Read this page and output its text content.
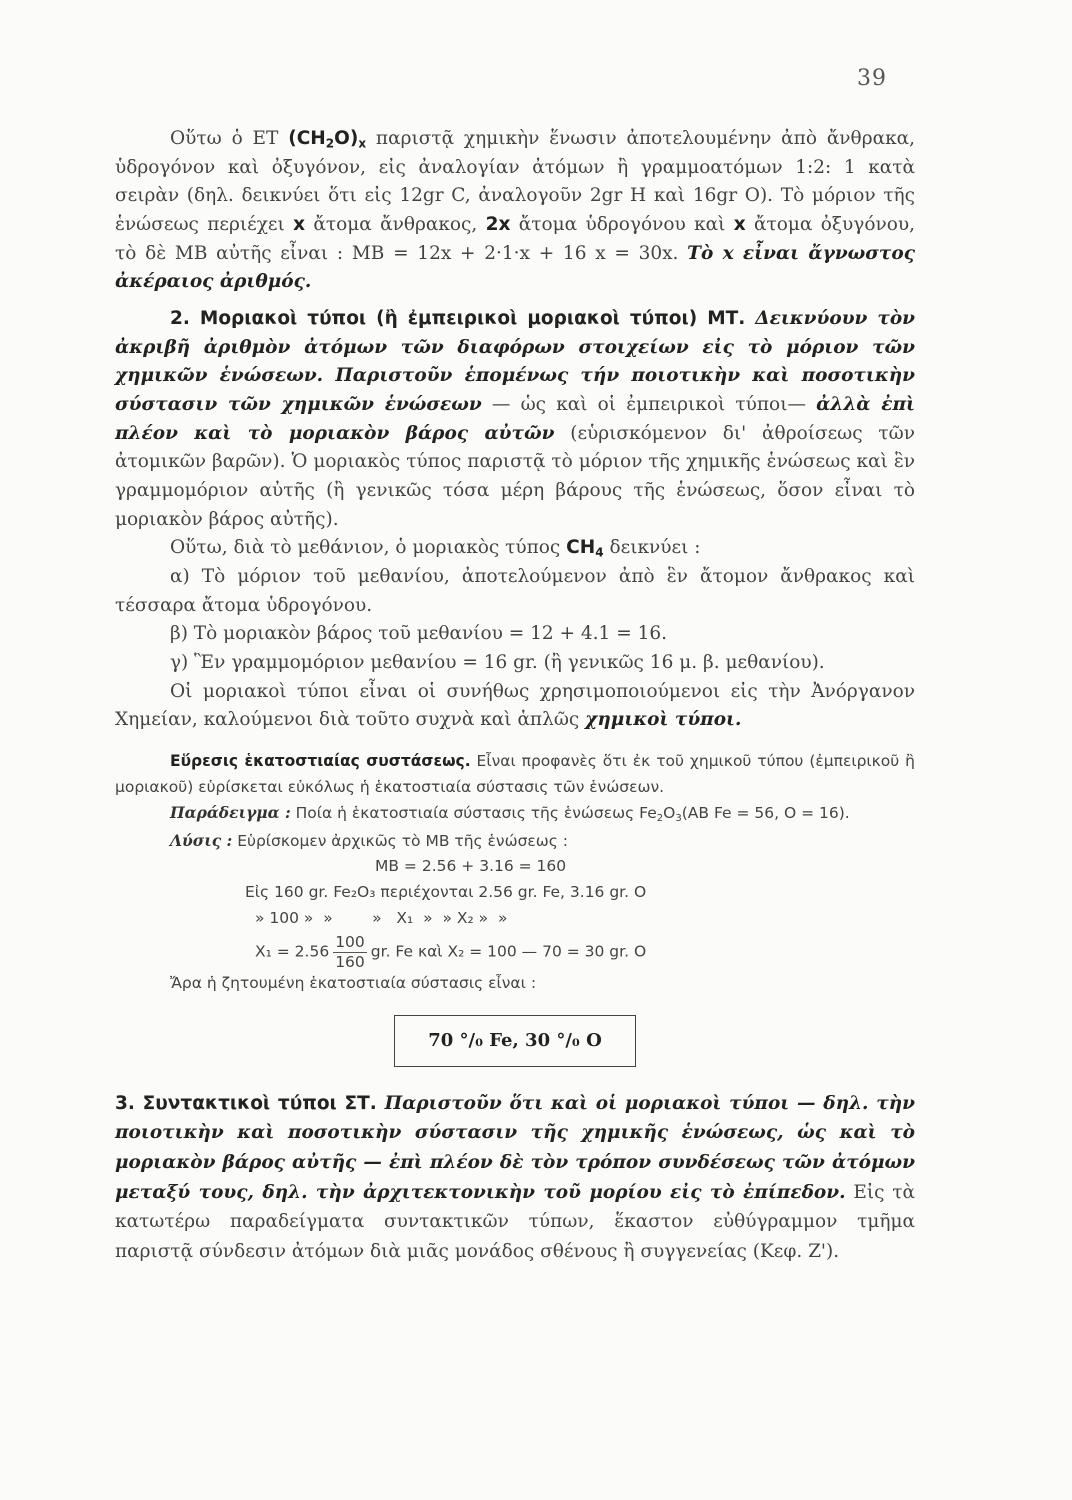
39

Οὕτω ὁ ΕΤ $(CH_2O)_x$ παριστᾷ χημικὴν ἕνωσιν ἀποτελουμένην ἀπὸ ἄνθρακα, ὑδρογόνον καὶ ὀξυγόνον, εἰς ἀναλογίαν ἀτόμων ἢ γραμμοατόμων 1:2: 1 κατὰ σειρὰν (δηλ. δεικνύει ὅτι εἰς 12gr C, ἀναλογοῦν 2gr H καὶ 16gr O). Τὸ μόριον τῆς ἑνώσεως περιέχει x ἄτομα ἄνθρακος, 2x ἄτομα ὑδρογόνου καὶ x ἄτομα ὀξυγόνου, τὸ δὲ ΜΒ αὐτῆς εἶναι : ΜΒ = 12x + 2·1·x + 16 x = 30x. Τὸ x εἶναι ἄγνωστος ἀκέραιος ἀριθμός.

2. Μοριακοὶ τύποι (ἢ ἐμπειρικοὶ μοριακοὶ τύποι) ΜΤ. Δεικνύουν τὸν ἀκριβῆ ἀριθμὸν ἀτόμων τῶν διαφόρων στοιχείων εἰς τὸ μόριον τῶν χημικῶν ἑνώσεων. Παριστοῦν ἑπομένως τήν ποιοτικὴν καὶ ποσοτικὴν σύστασιν τῶν χημικῶν ἑνώσεων — ὡς καὶ οἱ ἐμπειρικοὶ τύποι— ἀλλὰ ἐπὶ πλέον καὶ τὸ μοριακὸν βάρος αὐτῶν (εὑρισκόμενον δι' ἀθροίσεως τῶν ἀτομικῶν βαρῶν). Ὁ μοριακὸς τύπος παριστᾷ τὸ μόριον τῆς χημικῆς ἑνώσεως καὶ ἓν γραμμομόριον αὐτῆς (ἢ γενικῶς τόσα μέρη βάρους τῆς ἑνώσεως, ὅσον εἶναι τὸ μοριακὸν βάρος αὐτῆς).

Οὕτω, διὰ τὸ μεθάνιον, ὁ μοριακὸς τύπος $CH_4$ δεικνύει :

α) Τὸ μόριον τοῦ μεθανίου, ἀποτελούμενον ἀπὸ ἓν ἄτομον ἄνθρακος καὶ τέσσαρα ἄτομα ὑδρογόνου.

β) Τὸ μοριακὸν βάρος τοῦ μεθανίου = 12 + 4.1 = 16.

γ) Ἓν γραμμομόριον μεθανίου = 16 gr. (ἢ γενικῶς 16 μ. β. μεθανίου).

Οἱ μοριακοὶ τύποι εἶναι οἱ συνήθως χρησιμοποιούμενοι εἰς τὴν Ἀνόργανον Χημείαν, καλούμενοι διὰ τοῦτο συχνὰ καὶ ἁπλῶς χημικοὶ τύποι.

Εὕρεσις ἑκατοστιαίας συστάσεως. Εἶναι προφανὲς ὅτι ἐκ τοῦ χημικοῦ τύπου (ἐμπειρικοῦ ἢ μοριακοῦ) εὑρίσκεται εὐκόλως ἡ ἑκατοστιαία σύστασις τῶν ἑνώσεων.

Παράδειγμα : Ποία ἡ ἑκατοστιαία σύστασις τῆς ἑνώσεως $Fe_2O_3(AB$ Fe = 56, O = 16).

Λύσις : Εὑρίσκομεν ἀρχικῶς τὸ ΜΒ τῆς ἑνώσεως :

ΜΒ = 2.56 + 3.16 = 160
Εἰς 160 gr. Fe₂O₃ περιέχονται 2.56 gr. Fe, 3.16 gr. O
» 100 »  »        »   X₁  »  » X₂ »  »
$X_1 = 2.56 \frac{100}{160}$ gr. Fe καὶ X₂ = 100 — 70 = 30 gr. O
Ἄρα ἡ ζητουμένη ἑκατοστιαία σύστασις εἶναι :
70 °/₀ Fe, 30 °/₀ O

3. Συντακτικοὶ τύποι ΣΤ. Παριστοῦν ὅτι καὶ οἱ μοριακοὶ τύποι — δηλ. τὴν ποιοτικὴν καὶ ποσοτικὴν σύστασιν τῆς χημικῆς ἑνώσεως, ὡς καὶ τὸ μοριακὸν βάρος αὐτῆς — ἐπὶ πλέον δὲ τὸν τρόπον συνδέσεως τῶν ἀτόμων μεταξύ τους, δηλ. τὴν ἀρχιτεκτονικὴν τοῦ μορίου εἰς τὸ ἐπίπεδον. Εἰς τὰ κατωτέρω παραδείγματα συντακτικῶν τύπων, ἕκαστον εὐθύγραμμον τμῆμα παριστᾷ σύνδεσιν ἀτόμων διὰ μιᾶς μονάδος σθένους ἢ συγγενείας (Κεφ. Ζ').
